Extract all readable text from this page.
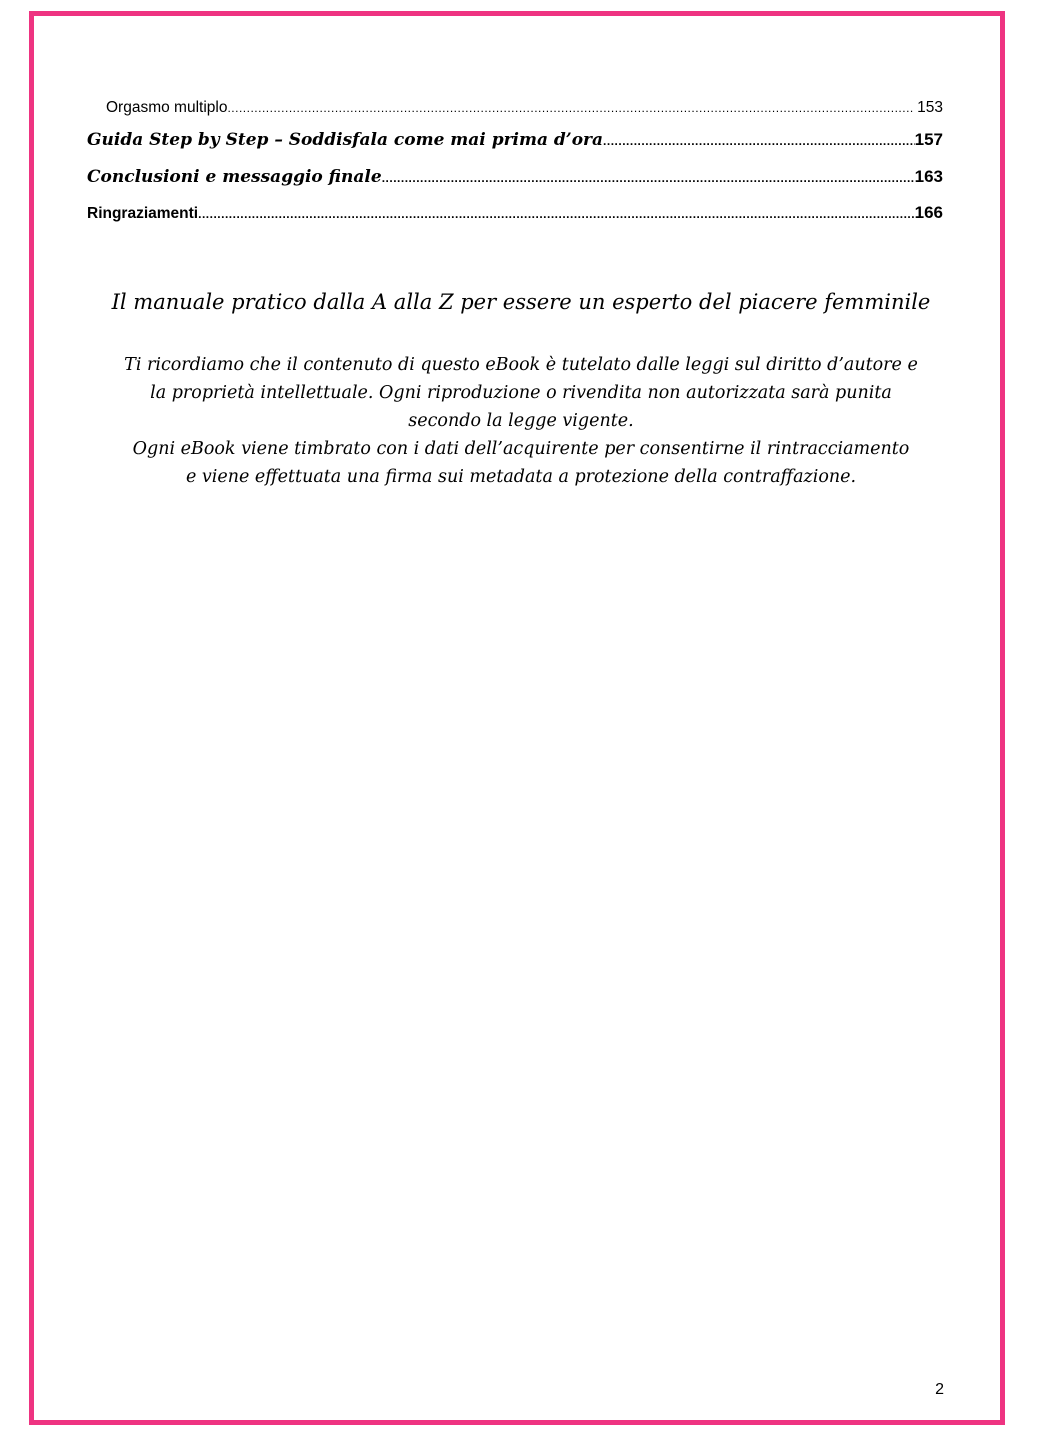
Orgasmo multiplo .....	153
Guida Step by Step – Soddisfala come mai prima d’ora .....	157
Conclusioni e messaggio finale .....	163
Ringraziamenti .....	166
Il manuale pratico dalla A alla Z per essere un esperto del piacere femminile
Ti ricordiamo che il contenuto di questo eBook è tutelato dalle leggi sul diritto d’autore e
la proprietà intellettuale. Ogni riproduzione o rivendita non autorizzata sarà punita
secondo la legge vigente.
Ogni eBook viene timbrato con i dati dell’acquirente per consentirne il rintracciamento
e viene effettuata una firma sui metadata a protezione della contraffazione.
2
